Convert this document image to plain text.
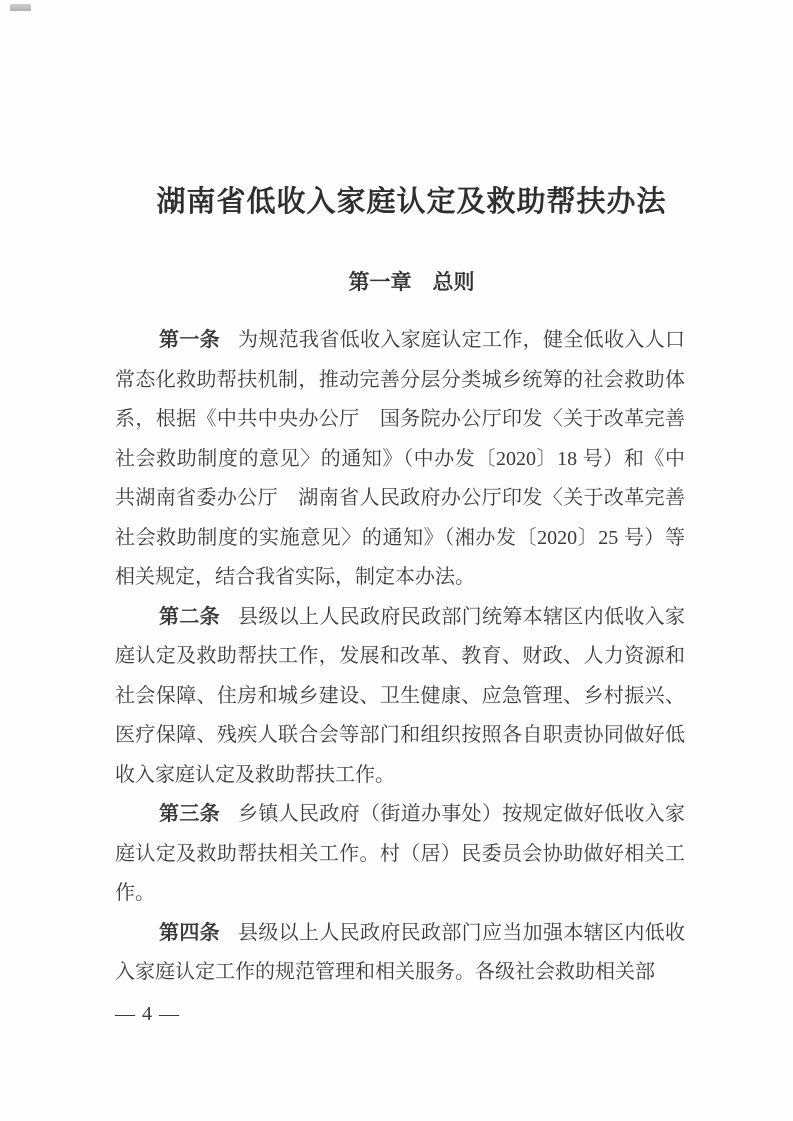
湖南省低收入家庭认定及救助帮扶办法
第一章 总则

第一条 为规范我省低收入家庭认定工作，健全低收入人口常态化救助帮扶机制，推动完善分层分类城乡统筹的社会救助体系，根据《中共中央办公厅　国务院办公厅印发〈关于改革完善社会救助制度的意见〉的通知》（中办发〔2020〕18 号）和《中共湖南省委办公厅　湖南省人民政府办公厅印发〈关于改革完善社会救助制度的实施意见〉的通知》（湘办发〔2020〕25 号）等相关规定，结合我省实际，制定本办法。

第二条 县级以上人民政府民政部门统筹本辖区内低收入家庭认定及救助帮扶工作，发展和改革、教育、财政、人力资源和社会保障、住房和城乡建设、卫生健康、应急管理、乡村振兴、医疗保障、残疾人联合会等部门和组织按照各自职责协同做好低收入家庭认定及救助帮扶工作。

第三条 乡镇人民政府（街道办事处）按规定做好低收入家庭认定及救助帮扶相关工作。村（居）民委员会协助做好相关工作。

第四条 县级以上人民政府民政部门应当加强本辖区内低收入家庭认定工作的规范管理和相关服务。各级社会救助相关部

— 4 —
